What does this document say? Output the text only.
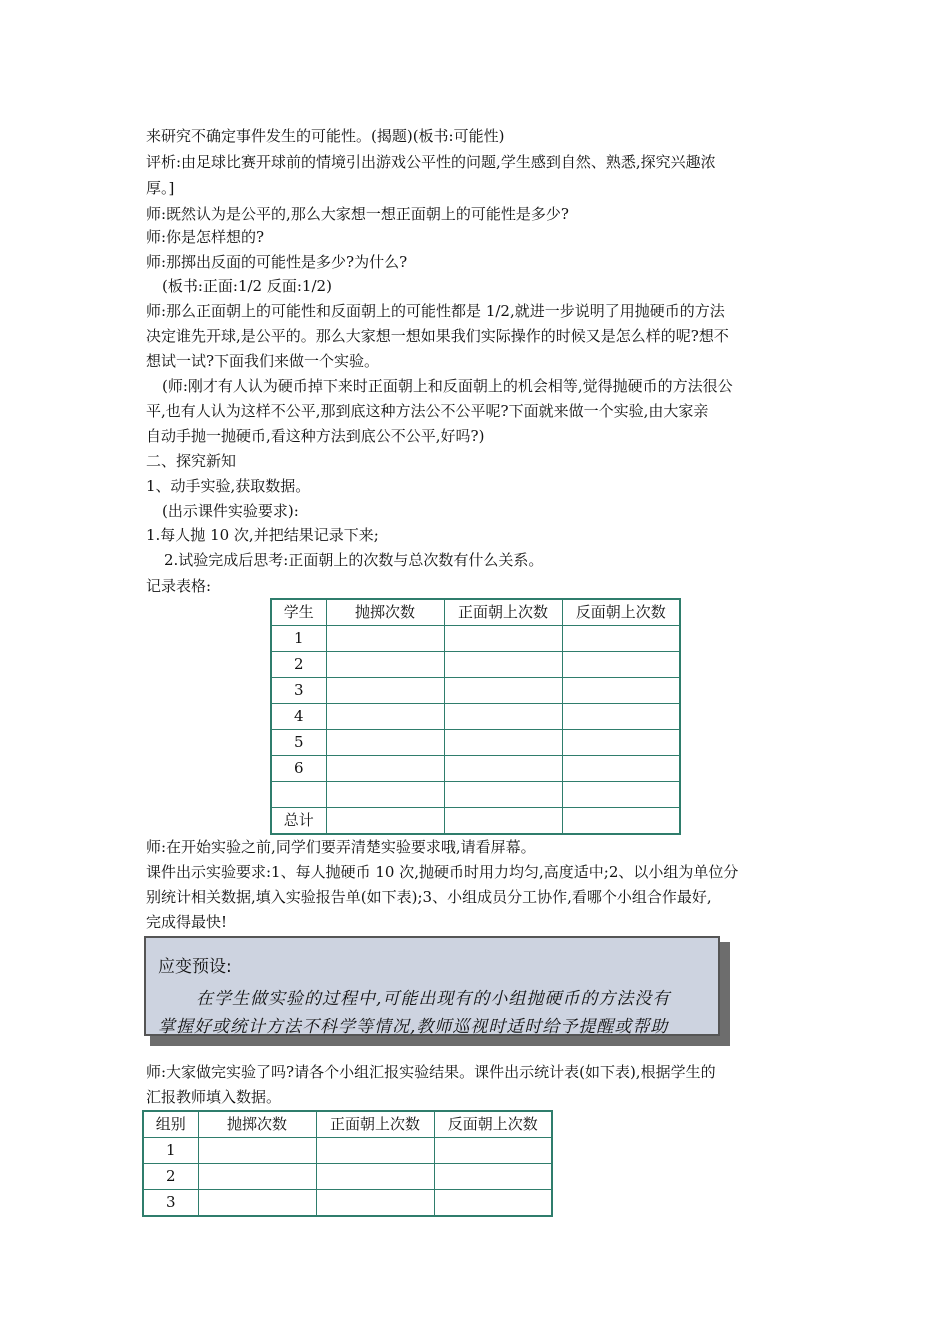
来研究不确定事件发生的可能性。(揭题)(板书:可能性)
评析:由足球比赛开球前的情境引出游戏公平性的问题,学生感到自然、熟悉,探究兴趣浓
厚。]
师:既然认为是公平的,那么大家想一想正面朝上的可能性是多少?
师:你是怎样想的?
师:那掷出反面的可能性是多少?为什么?
(板书:正面:1/2 反面:1/2)
师:那么正面朝上的可能性和反面朝上的可能性都是 1/2,就进一步说明了用抛硬币的方法
决定谁先开球,是公平的。那么大家想一想如果我们实际操作的时候又是怎么样的呢?想不
想试一试?下面我们来做一个实验。
(师:刚才有人认为硬币掉下来时正面朝上和反面朝上的机会相等,觉得抛硬币的方法很公
平,也有人认为这样不公平,那到底这种方法公不公平呢?下面就来做一个实验,由大家亲
自动手抛一抛硬币,看这种方法到底公不公平,好吗?)
二、探究新知
1、动手实验,获取数据。
(出示课件实验要求):
1.每人抛 10 次,并把结果记录下来;
2.试验完成后思考:正面朝上的次数与总次数有什么关系。
记录表格:
学生	抛掷次数	正面朝上次数	反面朝上次数
1			
2			
3			
4			
5			
6			

总计			
师:在开始实验之前,同学们要弄清楚实验要求哦,请看屏幕。
课件出示实验要求:1、每人抛硬币 10 次,抛硬币时用力均匀,高度适中;2、以小组为单位分
别统计相关数据,填入实验报告单(如下表);3、小组成员分工协作,看哪个小组合作最好,
完成得最快!
应变预设:
在学生做实验的过程中,可能出现有的小组抛硬币的方法没有
掌握好或统计方法不科学等情况,教师巡视时适时给予提醒或帮助
师:大家做完实验了吗?请各个小组汇报实验结果。课件出示统计表(如下表),根据学生的
汇报教师填入数据。
组别	抛掷次数	正面朝上次数	反面朝上次数
1			
2			
3			
